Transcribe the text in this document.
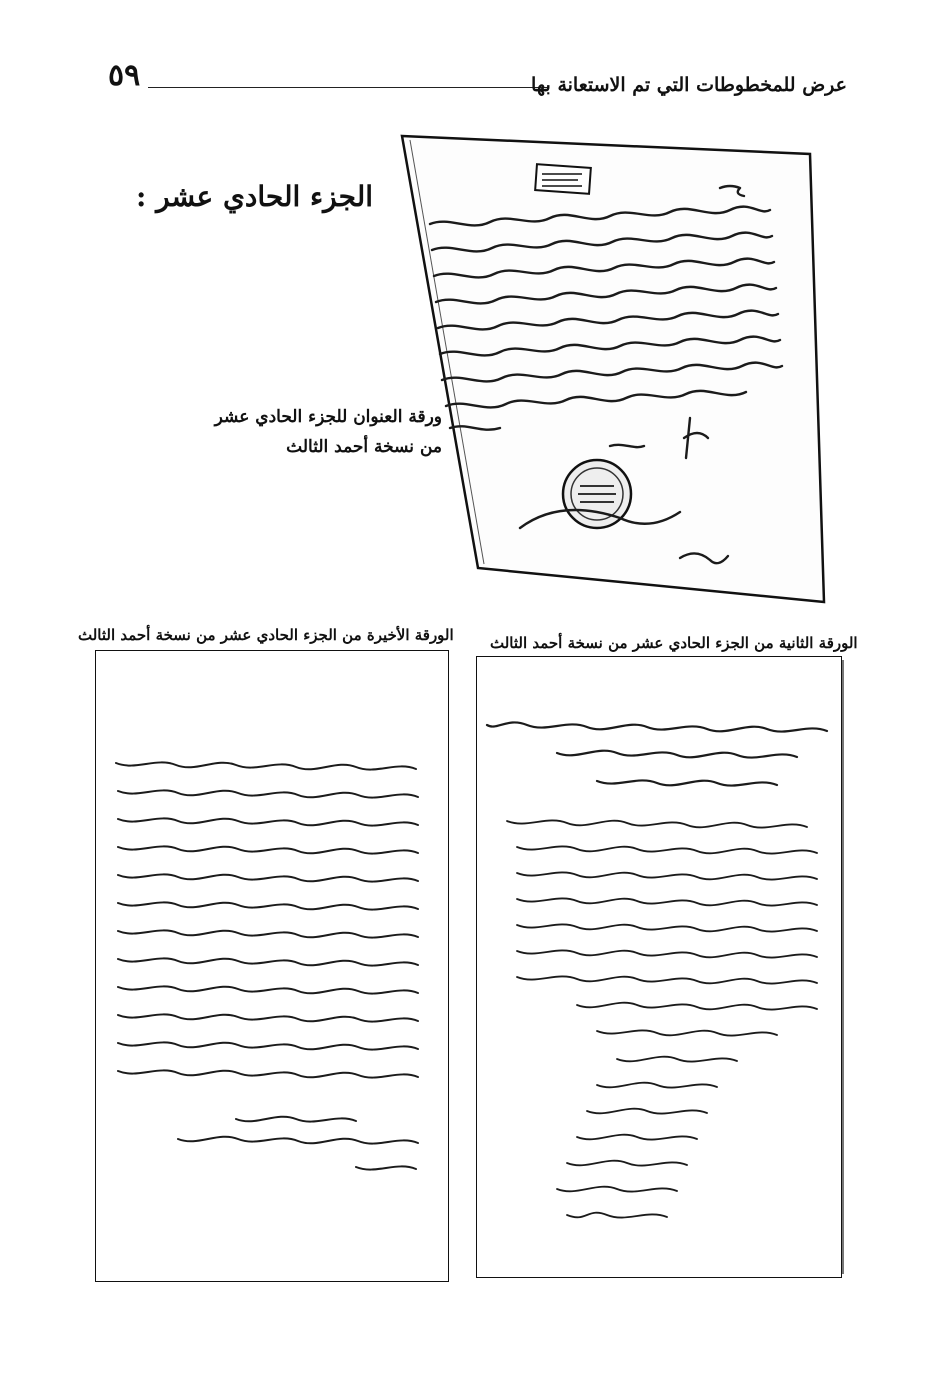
٥٩	عرض للمخطوطات التي تم الاستعانة بها
الجزء الحادي عشر :
ورقة العنوان للجزء الحادي عشر
من نسخة أحمد الثالث
الورقة الأخيرة من الجزء الحادي عشر من نسخة أحمد الثالث الورقة الثانية من الجزء الحادي عشر من نسخة أحمد الثالث
